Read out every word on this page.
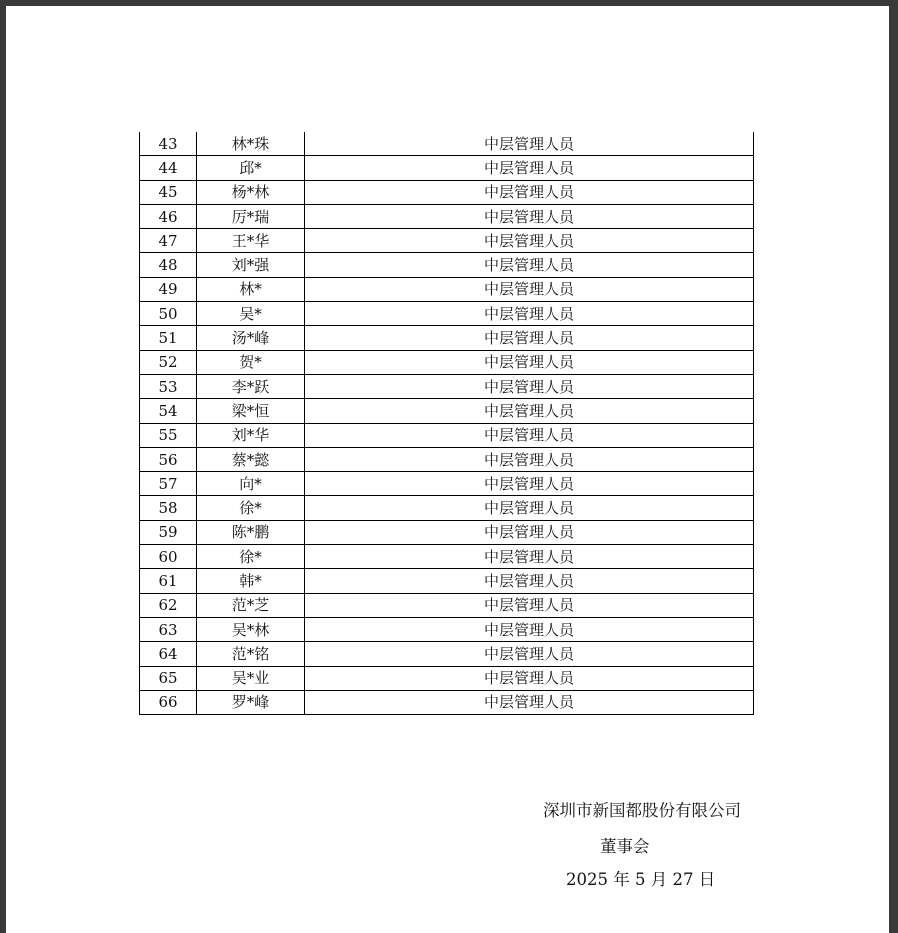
43	林*珠	中层管理人员
44	邱*	中层管理人员
45	杨*林	中层管理人员
46	厉*瑞	中层管理人员
47	王*华	中层管理人员
48	刘*强	中层管理人员
49	林*	中层管理人员
50	吴*	中层管理人员
51	汤*峰	中层管理人员
52	贺*	中层管理人员
53	李*跃	中层管理人员
54	梁*恒	中层管理人员
55	刘*华	中层管理人员
56	蔡*懿	中层管理人员
57	向*	中层管理人员
58	徐*	中层管理人员
59	陈*鹏	中层管理人员
60	徐*	中层管理人员
61	韩*	中层管理人员
62	范*芝	中层管理人员
63	吴*林	中层管理人员
64	范*铭	中层管理人员
65	吴*业	中层管理人员
66	罗*峰	中层管理人员
深圳市新国都股份有限公司
董事会
2025 年 5 月 27 日
